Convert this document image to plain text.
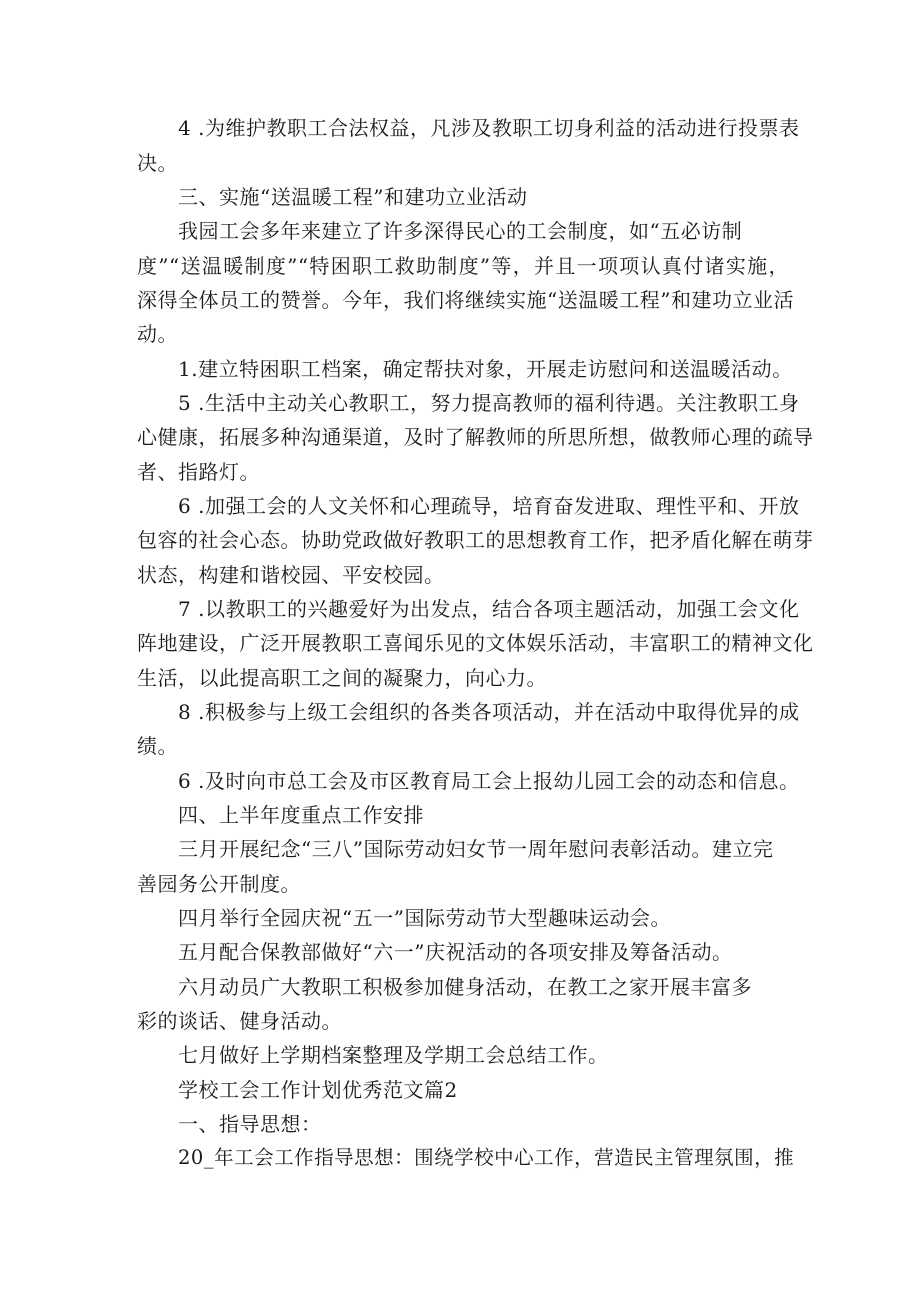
4 .为维护教职工合法权益，凡涉及教职工切身利益的活动进行投票表
决。
三、实施“送温暖工程”和建功立业活动
我园工会多年来建立了许多深得民心的工会制度，如“五必访制
度”“送温暖制度”“特困职工救助制度”等，并且一项项认真付诸实施，
深得全体员工的赞誉。今年，我们将继续实施“送温暖工程”和建功立业活
动。
1.建立特困职工档案，确定帮扶对象，开展走访慰问和送温暖活动。
5 .生活中主动关心教职工，努力提高教师的福利待遇。关注教职工身
心健康，拓展多种沟通渠道，及时了解教师的所思所想，做教师心理的疏导
者、指路灯。
6 .加强工会的人文关怀和心理疏导，培育奋发进取、理性平和、开放
包容的社会心态。协助党政做好教职工的思想教育工作，把矛盾化解在萌芽
状态，构建和谐校园、平安校园。
7 .以教职工的兴趣爱好为出发点，结合各项主题活动，加强工会文化
阵地建设，广泛开展教职工喜闻乐见的文体娱乐活动，丰富职工的精神文化
生活，以此提高职工之间的凝聚力，向心力。
8 .积极参与上级工会组织的各类各项活动，并在活动中取得优异的成
绩。
6 .及时向市总工会及市区教育局工会上报幼儿园工会的动态和信息。
四、上半年度重点工作安排
三月开展纪念“三八”国际劳动妇女节一周年慰问表彰活动。建立完
善园务公开制度。
四月举行全园庆祝“五一”国际劳动节大型趣味运动会。
五月配合保教部做好“六一”庆祝活动的各项安排及筹备活动。
六月动员广大教职工积极参加健身活动，在教工之家开展丰富多
彩的谈话、健身活动。
七月做好上学期档案整理及学期工会总结工作。
学校工会工作计划优秀范文篇2
一、指导思想：
20_年工会工作指导思想：围绕学校中心工作，营造民主管理氛围，推
